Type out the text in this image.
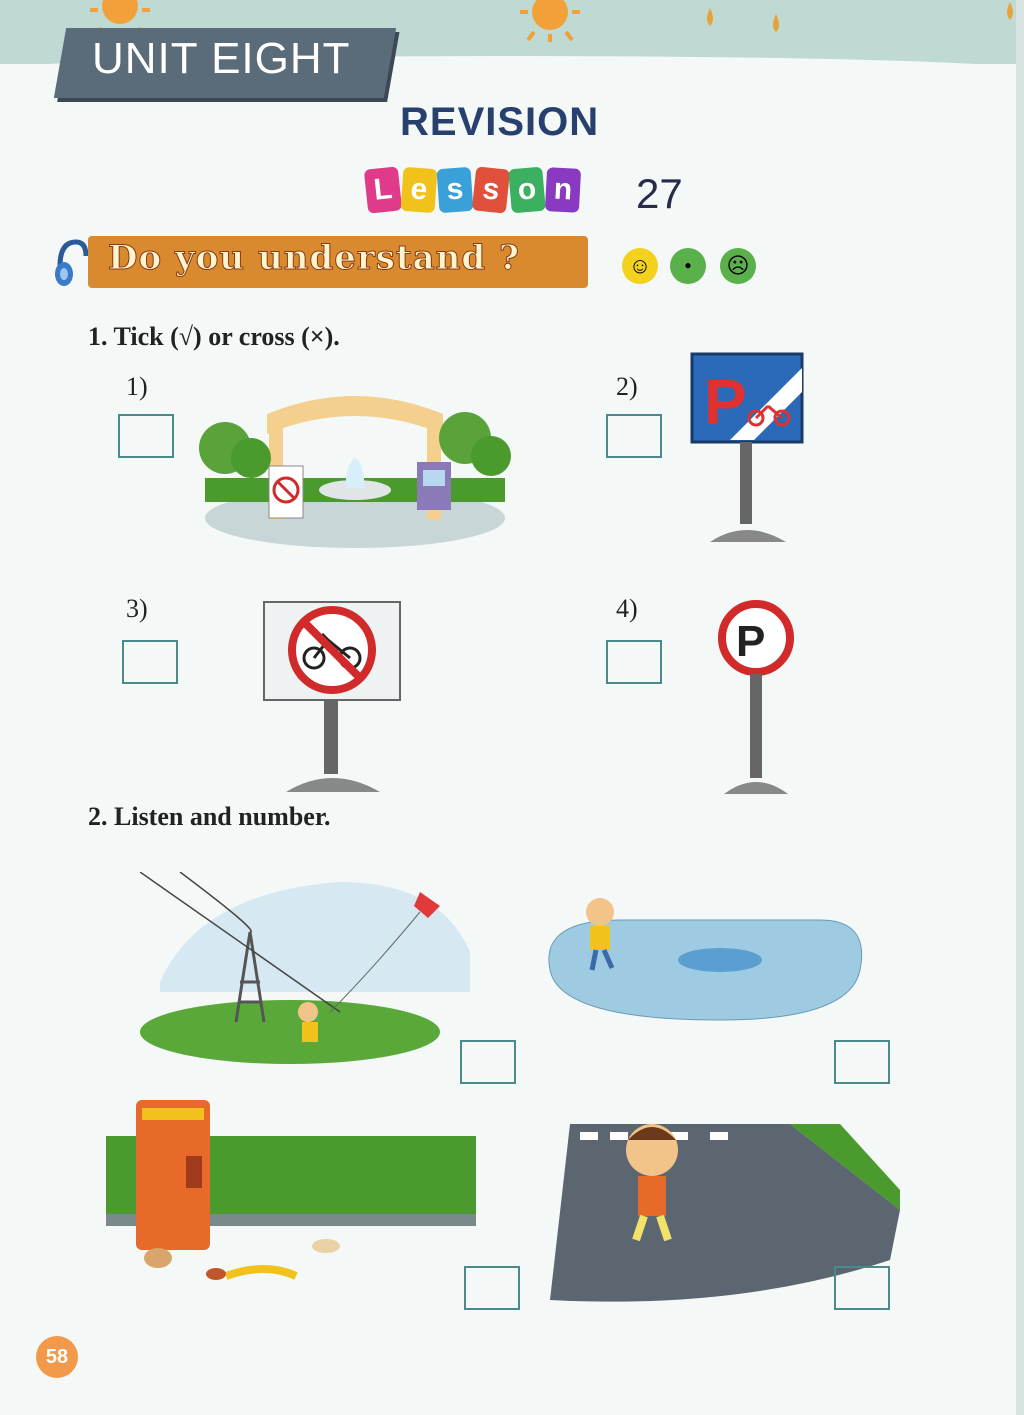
UNIT EIGHT
REVISION
L e s s o n 27
Do you understand ?	☺	•	☹
1. Tick (√) or cross (×).
1)	2) P
3)	4)
P
2. Listen and number.
58
